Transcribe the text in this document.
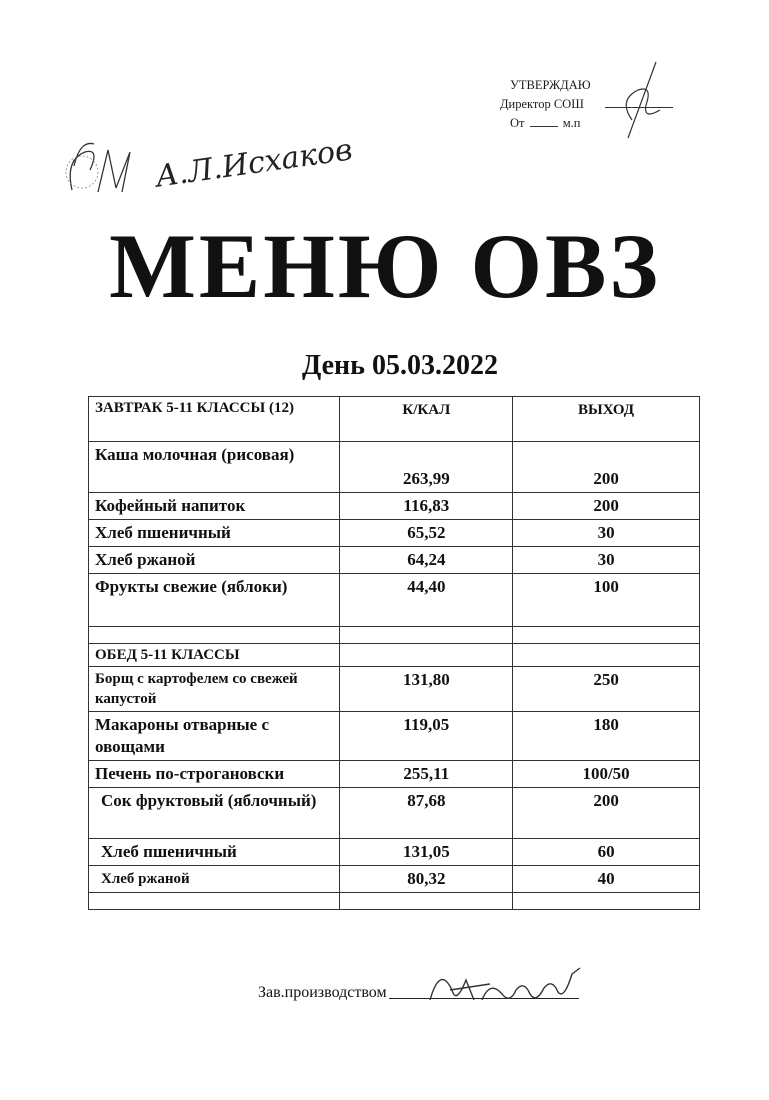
УТВЕРЖДАЮ
Директор СОШ
От	м.п
А.Л.Исхаков
МЕНЮ ОВЗ
День 05.03.2022
ЗАВТРАК 5-11 КЛАССЫ (12)	К/КАЛ	ВЫХОД
Каша молочная (рисовая)	263,99	200
Кофейный напиток	116,83	200
Хлеб пшеничный	65,52	30
Хлеб ржаной	64,24	30
Фрукты свежие (яблоки)	44,40	100

ОБЕД 5-11 КЛАССЫ		
Борщ с картофелем со свежей капустой	131,80	250
Макароны отварные с овощами	119,05	180
Печень по-строгановски	255,11	100/50
Сок фруктовый (яблочный)	87,68	200
Хлеб пшеничный	131,05	60
Хлеб ржаной	80,32	40

Зав.производством
